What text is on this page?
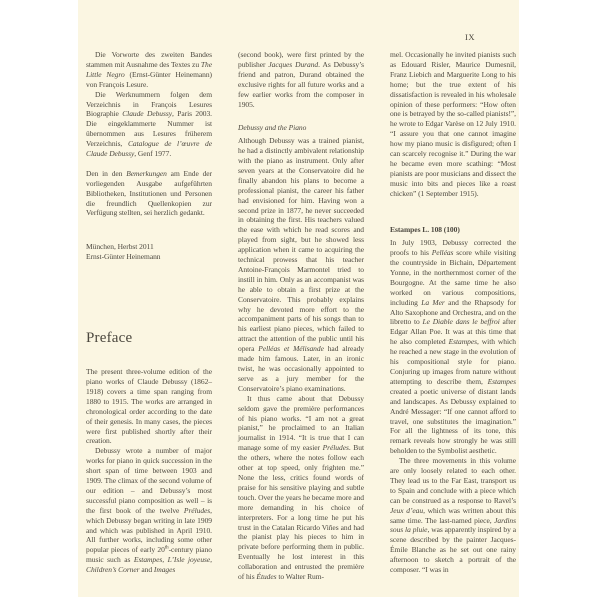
IX
Die Vorworte des zweiten Bandes stammen mit Ausnahme des Textes zu The Little Negro (Ernst-Günter Heinemann) von François Lesure.
Die Werknummern folgen dem Verzeichnis in François Lesures Biographie Claude Debussy, Paris 2003. Die eingeklammerte Nummer ist übernommen aus Lesures früherem Verzeichnis, Catalogue de l’œuvre de Claude Debussy, Genf 1977.
Den in den Bemerkungen am Ende der vorliegenden Ausgabe aufgeführten Bibliotheken, Institutionen und Personen die freundlich Quellenkopien zur Verfügung stellten, sei herzlich gedankt.
München, Herbst 2011
Ernst-Günter Heinemann
Preface
The present three-volume edition of the piano works of Claude Debussy (1862–1918) covers a time span ranging from 1880 to 1915. The works are arranged in chronological order according to the date of their genesis. In many cases, the pieces were first published shortly after their creation.
Debussy wrote a number of major works for piano in quick succession in the short span of time between 1903 and 1909. The climax of the second volume of our edition – and Debussy’s most successful piano composition as well – is the first book of the twelve Préludes, which Debussy began writing in late 1909 and which was published in April 1910. All further works, including some other popular pieces of early 20th-century piano music such as Estampes, L’Isle joyeuse, Children’s Corner and Images
(second book), were first printed by the publisher Jacques Durand. As Debussy’s friend and patron, Durand obtained the exclusive rights for all future works and a few earlier works from the composer in 1905.
Debussy and the Piano
Although Debussy was a trained pianist, he had a distinctly ambivalent relationship with the piano as instrument. Only after seven years at the Conservatoire did he finally abandon his plans to become a professional pianist, the career his father had envisioned for him. Having won a second prize in 1877, he never succeeded in obtaining the first. His teachers valued the ease with which he read scores and played from sight, but he showed less application when it came to acquiring the technical prowess that his teacher Antoine-François Marmontel tried to instill in him. Only as an accompanist was he able to obtain a first prize at the Conservatoire. This probably explains why he devoted more effort to the accompaniment parts of his songs than to his earliest piano pieces, which failed to attract the attention of the public until his opera Pelléas et Mélisande had already made him famous. Later, in an ironic twist, he was occasionally appointed to serve as a jury member for the Conservatoire’s piano examinations.
It thus came about that Debussy seldom gave the première performances of his piano works. “I am not a great pianist,” he proclaimed to an Italian journalist in 1914. “It is true that I can manage some of my easier Préludes. But the others, where the notes follow each other at top speed, only frighten me.” None the less, critics found words of praise for his sensitive playing and subtle touch. Over the years he became more and more demanding in his choice of interpreters. For a long time he put his trust in the Catalan Ricardo Viñes and had the pianist play his pieces to him in private before performing them in public. Eventually he lost interest in this collaboration and entrusted the première of his Études to Walter Rum-
mel. Occasionally he invited pianists such as Edouard Risler, Maurice Dumesnil, Franz Liebich and Marguerite Long to his home; but the true extent of his dissatisfaction is revealed in his wholesale opinion of these performers: “How often one is betrayed by the so-called pianists!”, he wrote to Edgar Varèse on 12 July 1910. “I assure you that one cannot imagine how my piano music is disfigured; often I can scarcely recognise it.” During the war he became even more scathing: “Most pianists are poor musicians and dissect the music into bits and pieces like a roast chicken” (1 September 1915).
Estampes L. 108 (100)
In July 1903, Debussy corrected the proofs to his Pelléas score while visiting the countryside in Bichain, Département Yonne, in the northernmost corner of the Bourgogne. At the same time he also worked on various compositions, including La Mer and the Rhapsody for Alto Saxophone and Orchestra, and on the libretto to Le Diable dans le beffroi after Edgar Allan Poe. It was at this time that he also completed Estampes, with which he reached a new stage in the evolution of his compositional style for piano. Conjuring up images from nature without attempting to describe them, Estampes created a poetic universe of distant lands and landscapes. As Debussy explained to André Messager: “If one cannot afford to travel, one substitutes the imagination.” For all the lightness of its tone, this remark reveals how strongly he was still beholden to the Symbolist aesthetic.
The three movements in this volume are only loosely related to each other. They lead us to the Far East, transport us to Spain and conclude with a piece which can be construed as a response to Ravel’s Jeux d’eau, which was written about this same time. The last-named piece, Jardins sous la pluie, was apparently inspired by a scene described by the painter Jacques-Émile Blanche as he set out one rainy afternoon to sketch a portrait of the composer. “I was in
